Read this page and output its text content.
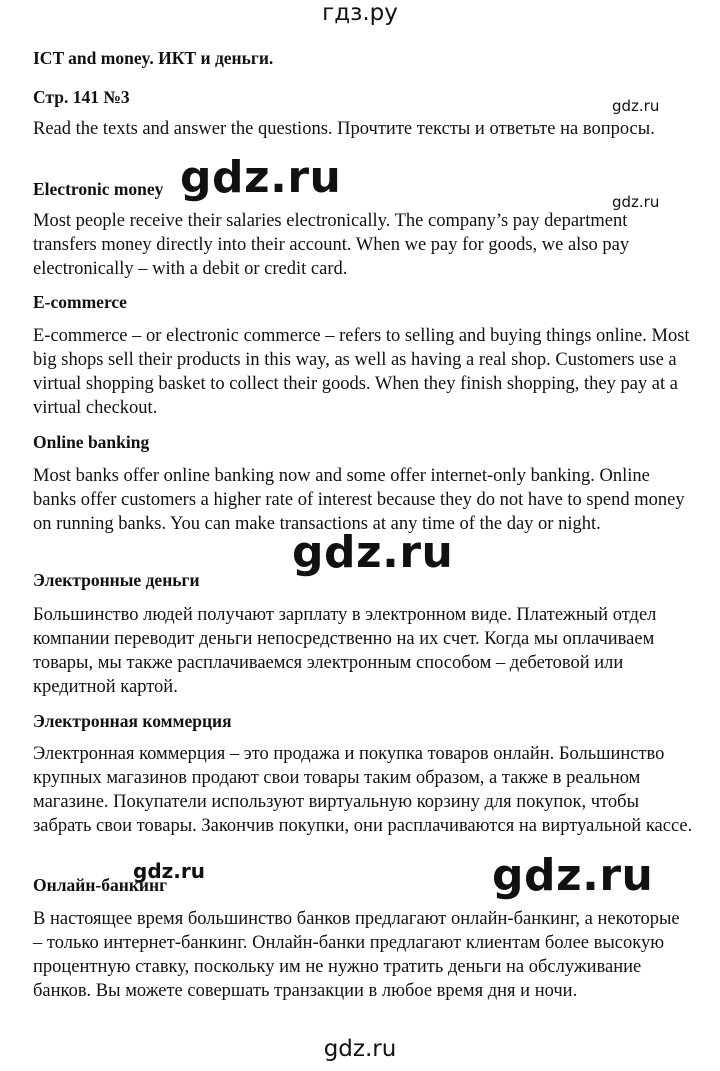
гдз.ру
ICT and money. ИКТ и деньги.
Стр. 141 №3
Read the texts and answer the questions. Прочтите тексты и ответьте на вопросы.
Electronic money
Most people receive their salaries electronically. The company’s pay department transfers money directly into their account. When we pay for goods, we also pay electronically – with a debit or credit card.
E-commerce
E-commerce – or electronic commerce – refers to selling and buying things online. Most big shops sell their products in this way, as well as having a real shop. Customers use a virtual shopping basket to collect their goods. When they finish shopping, they pay at a virtual checkout.
Online banking
Most banks offer online banking now and some offer internet-only banking. Online banks offer customers a higher rate of interest because they do not have to spend money on running banks. You can make transactions at any time of the day or night.
Электронные деньги
Большинство людей получают зарплату в электронном виде. Платежный отдел компании переводит деньги непосредственно на их счет. Когда мы оплачиваем товары, мы также расплачиваемся электронным способом – дебетовой или кредитной картой.
Электронная коммерция
Электронная коммерция – это продажа и покупка товаров онлайн. Большинство крупных магазинов продают свои товары таким образом, а также в реальном магазине. Покупатели используют виртуальную корзину для покупок, чтобы забрать свои товары. Закончив покупки, они расплачиваются на виртуальной кассе.
Онлайн-банкинг
В настоящее время большинство банков предлагают онлайн-банкинг, а некоторые – только интернет-банкинг. Онлайн-банки предлагают клиентам более высокую процентную ставку, поскольку им не нужно тратить деньги на обслуживание банков. Вы можете совершать транзакции в любое время дня и ночи.
gdz.ru
gdz.ru	gdz.ru
gdz.ru
gdz.ru	gdz.ru
gdz.ru
